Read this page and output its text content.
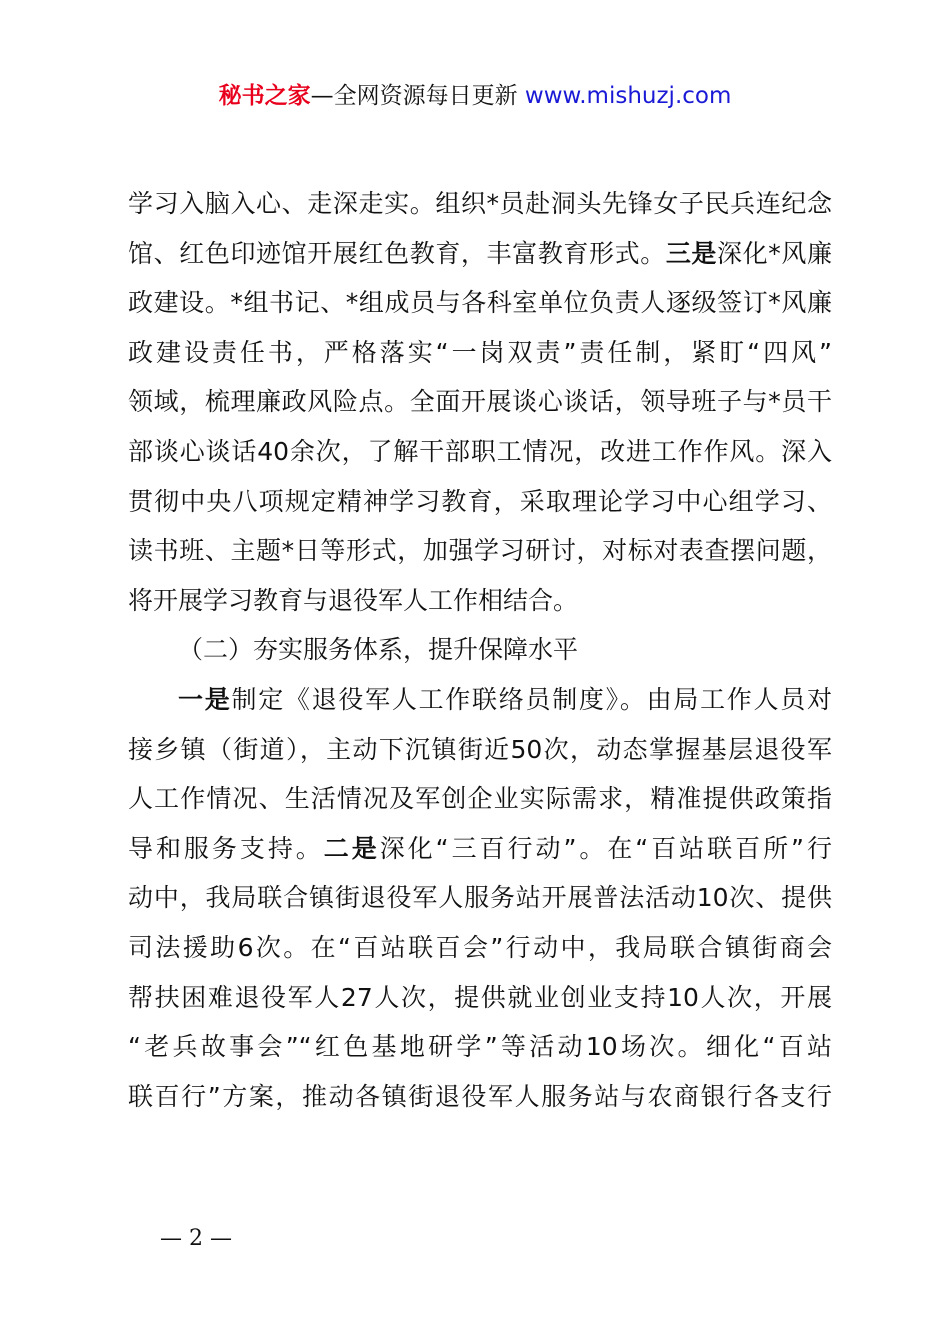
秘书之家—全网资源每日更新 www.mishuzj.com
学习入脑入心、走深走实。组织*员赴洞头先锋女子民兵连纪念
馆、红色印迹馆开展红色教育，丰富教育形式。三是深化*风廉
政建设。*组书记、*组成员与各科室单位负责人逐级签订*风廉
政建设责任书，严格落实“一岗双责”责任制，紧盯“四风”
领域，梳理廉政风险点。全面开展谈心谈话，领导班子与*员干
部谈心谈话40余次，了解干部职工情况，改进工作作风。深入
贯彻中央八项规定精神学习教育，采取理论学习中心组学习、
读书班、主题*日等形式，加强学习研讨，对标对表查摆问题，
将开展学习教育与退役军人工作相结合。
（二）夯实服务体系，提升保障水平
一是制定《退役军人工作联络员制度》。由局工作人员对
接乡镇（街道），主动下沉镇街近50次，动态掌握基层退役军
人工作情况、生活情况及军创企业实际需求，精准提供政策指
导和服务支持。二是深化“三百行动”。在“百站联百所”行
动中，我局联合镇街退役军人服务站开展普法活动10次、提供
司法援助6次。在“百站联百会”行动中，我局联合镇街商会
帮扶困难退役军人27人次，提供就业创业支持10人次，开展
“老兵故事会”“红色基地研学”等活动10场次。细化“百站
联百行”方案，推动各镇街退役军人服务站与农商银行各支行
— 2 —
